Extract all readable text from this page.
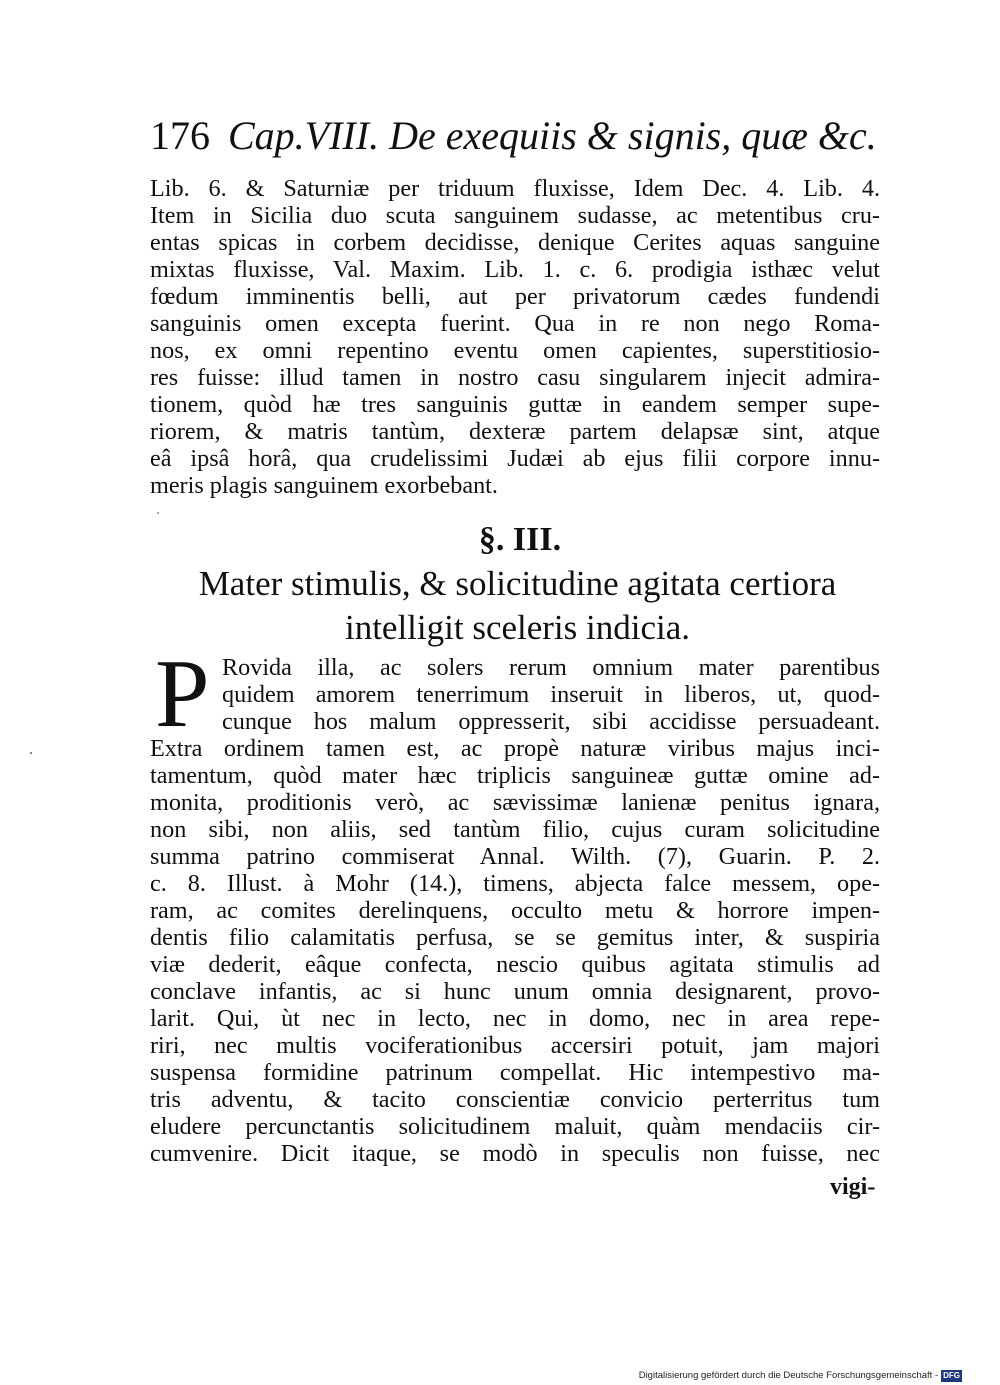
176 Cap.VIII. De exequiis & signis, quæ &c.
Lib. 6. & Saturniæ per triduum fluxisse, Idem Dec. 4. Lib. 4.
Item in Sicilia duo scuta sanguinem sudasse, ac metentibus cru-
entas spicas in corbem decidisse, denique Cerites aquas sanguine
mixtas fluxisse, Val. Maxim. Lib. 1. c. 6. prodigia isthæc velut
fœdum imminentis belli, aut per privatorum cædes fundendi
sanguinis omen excepta fuerint. Qua in re non nego Roma-
nos, ex omni repentino eventu omen capientes, superstitiosio-
res fuisse: illud tamen in nostro casu singularem injecit admira-
tionem, quòd hæ tres sanguinis guttæ in eandem semper supe-
riorem, & matris tantùm, dexteræ partem delapsæ sint, atque
eâ ipsâ horâ, qua crudelissimi Judæi ab ejus filii corpore innu-
meris plagis sanguinem exorbebant.
§. III.
Mater stimulis, & solicitudine agitata certiora
intelligit sceleris indicia.
P Rovida illa, ac solers rerum omnium mater parentibus
quidem amorem tenerrimum inseruit in liberos, ut, quod-
cunque hos malum oppresserit, sibi accidisse persuadeant.
Extra ordinem tamen est, ac propè naturæ viribus majus inci-
tamentum, quòd mater hæc triplicis sanguineæ guttæ omine ad-
monita, proditionis verò, ac sævissimæ lanienæ penitus ignara,
non sibi, non aliis, sed tantùm filio, cujus curam solicitudine
summa patrino commiserat Annal. Wilth. (7), Guarin. P. 2.
c. 8. Illust. à Mohr (14.), timens, abjecta falce messem, ope-
ram, ac comites derelinquens, occulto metu & horrore impen-
dentis filio calamitatis perfusa, se se gemitus inter, & suspiria
viæ dederit, eâque confecta, nescio quibus agitata stimulis ad
conclave infantis, ac si hunc unum omnia designarent, provo-
larit. Qui, ùt nec in lecto, nec in domo, nec in area repe-
riri, nec multis vociferationibus accersiri potuit, jam majori
suspensa formidine patrinum compellat. Hic intempestivo ma-
tris adventu, & tacito conscientiæ convicio perterritus tum
eludere percunctantis solicitudinem maluit, quàm mendaciis cir-
cumvenire. Dicit itaque, se modò in speculis non fuisse, nec
vigi-
Digitalisierung gefördert durch die Deutsche Forschungsgemeinschaft - DFG
